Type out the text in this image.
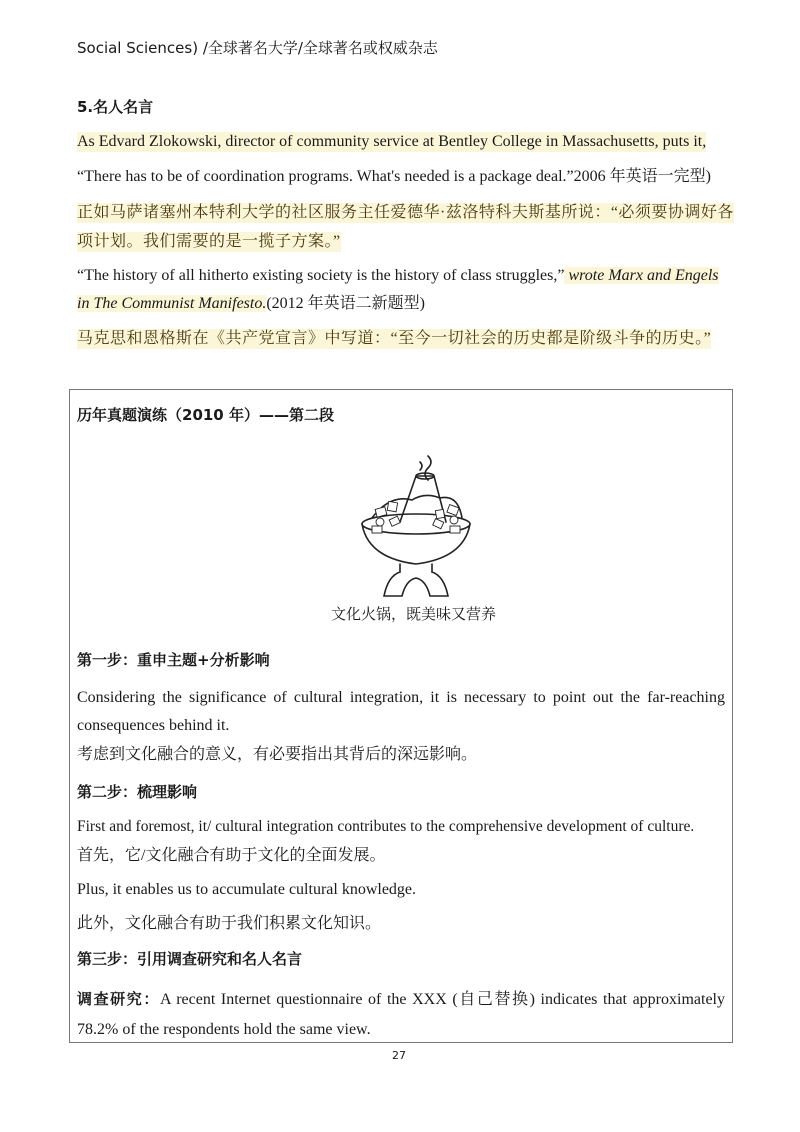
Social Sciences) /全球著名大学/全球著名或权威杂志
5.名人名言
As Edvard Zlokowski, director of community service at Bentley College in Massachusetts, puts it,
“There has to be of coordination programs. What's needed is a package deal.”2006 年英语一完型)
正如马萨诸塞州本特利大学的社区服务主任爱德华·兹洛特科夫斯基所说：“必须要协调好各
项计划。我们需要的是一揽子方案。”
“The history of all hitherto existing society is the history of class struggles,” wrote Marx and Engels
in The Communist Manifesto.(2012 年英语二新题型)
马克思和恩格斯在《共产党宣言》中写道：“至今一切社会的历史都是阶级斗争的历史。”
历年真题演练（2010 年）——第二段
文化火锅，既美味又营养
第一步：重申主题+分析影响
Considering the significance of cultural integration, it is necessary to point out the far-reaching consequences behind it.
考虑到文化融合的意义，有必要指出其背后的深远影响。
第二步：梳理影响
First and foremost, it/ cultural integration contributes to the comprehensive development of culture.
首先，它/文化融合有助于文化的全面发展。
Plus, it enables us to accumulate cultural knowledge.
此外，文化融合有助于我们积累文化知识。
第三步：引用调查研究和名人名言
调查研究：A recent Internet questionnaire of the XXX (自己替换) indicates that approximately 78.2% of the respondents hold the same view.
27
